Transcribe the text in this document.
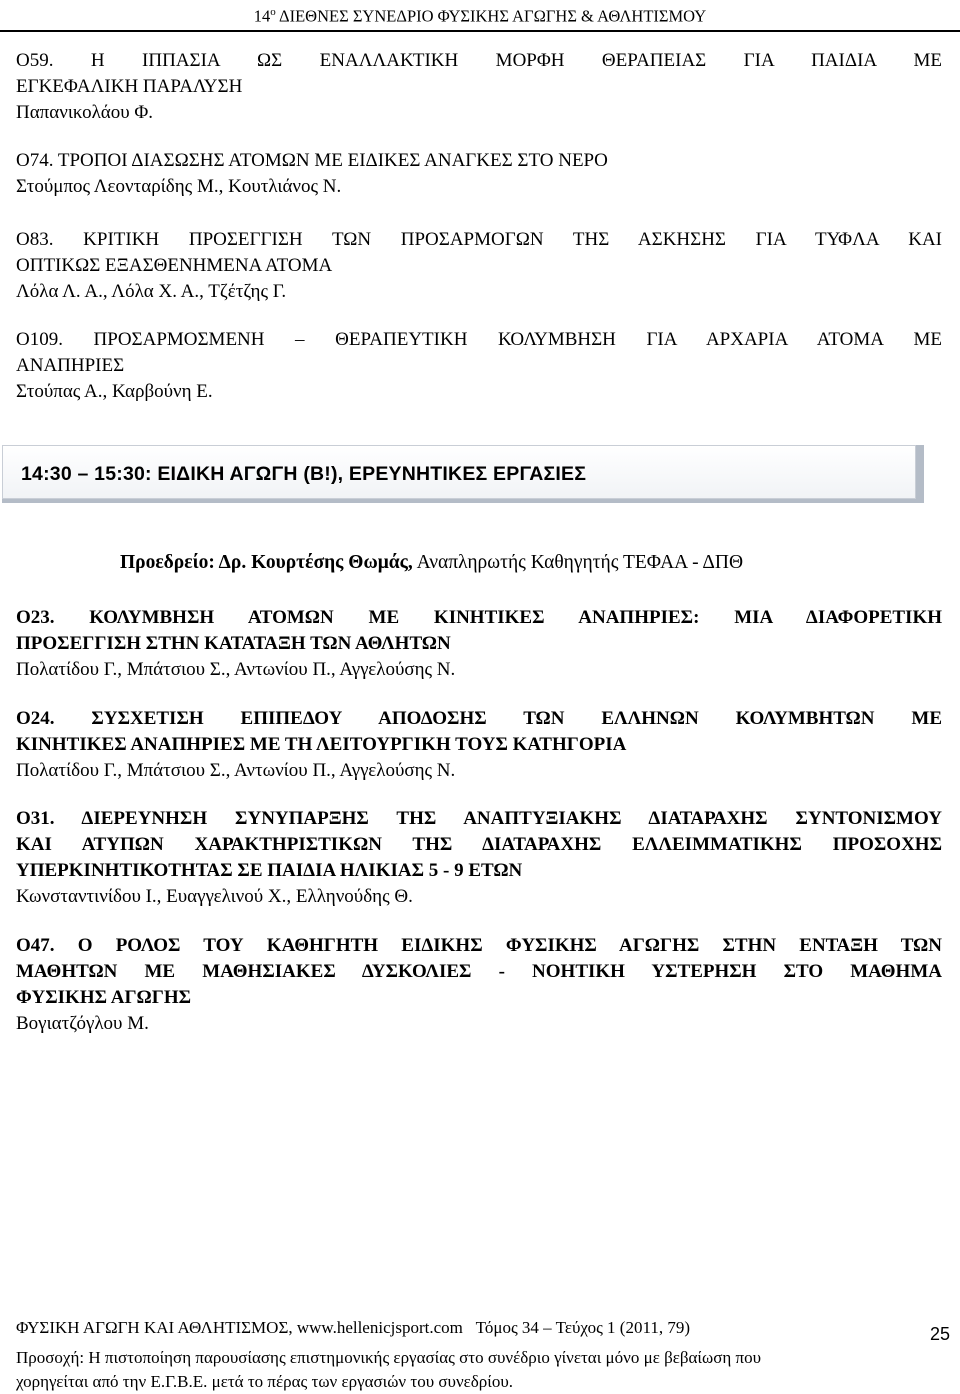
$14^o$ ΔΙΕΘΝΕΣ ΣΥΝΕΔΡΙΟ ΦΥΣΙΚΗΣ ΑΓΩΓΗΣ & ΑΘΛΗΤΙΣΜΟΥ

Ο59. Η ΙΠΠΑΣΙΑ ΩΣ ΕΝΑΛΛΑΚΤΙΚΗ ΜΟΡΦΗ ΘΕΡΑΠΕΙΑΣ ΓΙΑ ΠΑΙΔΙΑ ΜΕ

ΕΓΚΕΦΑΛΙΚΗ ΠΑΡΑΛΥΣΗ

Παπανικολάου Φ.

Ο74. ΤΡΟΠΟΙ ΔΙΑΣΩΣΗΣ ΑΤΟΜΩΝ ΜΕ ΕΙΔΙΚΕΣ ΑΝΑΓΚΕΣ ΣΤΟ ΝΕΡΟ

Στούμπος Λεονταρίδης Μ., Κουτλιάνος Ν.

Ο83. ΚΡΙΤΙΚΗ ΠΡΟΣΕΓΓΙΣΗ ΤΩΝ ΠΡΟΣΑΡΜΟΓΩΝ ΤΗΣ ΑΣΚΗΣΗΣ ΓΙΑ ΤΥΦΛΑ ΚΑΙ

ΟΠΤΙΚΩΣ ΕΞΑΣΘΕΝΗΜΕΝΑ ΑΤΟΜΑ

Λόλα Λ. Α., Λόλα Χ. Α., Τζέτζης Γ.

Ο109. ΠΡΟΣΑΡΜΟΣΜΕΝΗ – ΘΕΡΑΠΕΥΤΙΚΗ ΚΟΛΥΜΒΗΣΗ ΓΙΑ ΑΡΧΑΡΙΑ ΑΤΟΜΑ ΜΕ

ΑΝΑΠΗΡΙΕΣ

Στούπας Α., Καρβούνη Ε.

14:30 – 15:30: ΕΙΔΙΚΗ ΑΓΩΓΗ (Β!), ΕΡΕΥΝΗΤΙΚΕΣ ΕΡΓΑΣΙΕΣ
Προεδρείο: Δρ. Κουρτέσης Θωμάς, Αναπληρωτής Καθηγητής ΤΕΦΑΑ - ΔΠΘ

Ο23. ΚΟΛΥΜΒΗΣΗ ΑΤΟΜΩΝ ΜΕ ΚΙΝΗΤΙΚΕΣ ΑΝΑΠΗΡΙΕΣ: ΜΙΑ ΔΙΑΦΟΡΕΤΙΚΗ

ΠΡΟΣΕΓΓΙΣΗ ΣΤΗΝ ΚΑΤΑΤΑΞΗ ΤΩΝ ΑΘΛΗΤΩΝ

Πολατίδου Γ., Μπάτσιου Σ., Αντωνίου Π., Αγγελούσης Ν.

Ο24. ΣΥΣΧΕΤΙΣΗ ΕΠΙΠΕΔΟΥ ΑΠΟΔΟΣΗΣ ΤΩΝ ΕΛΛΗΝΩΝ ΚΟΛΥΜΒΗΤΩΝ ΜΕ

ΚΙΝΗΤΙΚΕΣ ΑΝΑΠΗΡΙΕΣ ΜΕ ΤΗ ΛΕΙΤΟΥΡΓΙΚΗ ΤΟΥΣ ΚΑΤΗΓΟΡΙΑ

Πολατίδου Γ., Μπάτσιου Σ., Αντωνίου Π., Αγγελούσης Ν.

Ο31. ΔΙΕΡΕΥΝΗΣΗ ΣΥΝΥΠΑΡΞΗΣ ΤΗΣ ΑΝΑΠΤΥΞΙΑΚΗΣ ΔΙΑΤΑΡΑΧΗΣ ΣΥΝΤΟΝΙΣΜΟΥ

ΚΑΙ ΑΤΥΠΩΝ ΧΑΡΑΚΤΗΡΙΣΤΙΚΩΝ ΤΗΣ ΔΙΑΤΑΡΑΧΗΣ ΕΛΛΕΙΜΜΑΤΙΚΗΣ ΠΡΟΣΟΧΗΣ

ΥΠΕΡΚΙΝΗΤΙΚΟΤΗΤΑΣ ΣΕ ΠΑΙΔΙΑ ΗΛΙΚΙΑΣ 5 - 9 ΕΤΩΝ

Κωνσταντινίδου Ι., Ευαγγελινού Χ., Ελληνούδης Θ.

Ο47. Ο ΡΟΛΟΣ ΤΟΥ ΚΑΘΗΓΗΤΗ ΕΙΔΙΚΗΣ ΦΥΣΙΚΗΣ ΑΓΩΓΗΣ ΣΤΗΝ ΕΝΤΑΞΗ ΤΩΝ

ΜΑΘΗΤΩΝ ΜΕ ΜΑΘΗΣΙΑΚΕΣ ΔΥΣΚΟΛΙΕΣ - ΝΟΗΤΙΚΗ ΥΣΤΕΡΗΣΗ ΣΤΟ ΜΑΘΗΜΑ

ΦΥΣΙΚΗΣ ΑΓΩΓΗΣ

Βογιατζόγλου Μ.

ΦΥΣΙΚΗ ΑΓΩΓΗ ΚΑΙ ΑΘΛΗΤΙΣΜΟΣ, www.hellenicjsport.com Τόμος 34 – Τεύχος 1 (2011, 79)	25
Προσοχή: Η πιστοποίηση παρουσίασης επιστημονικής εργασίας στο συνέδριο γίνεται μόνο με βεβαίωση που
χορηγείται από την Ε.Γ.Β.Ε. μετά το πέρας των εργασιών του συνεδρίου.
